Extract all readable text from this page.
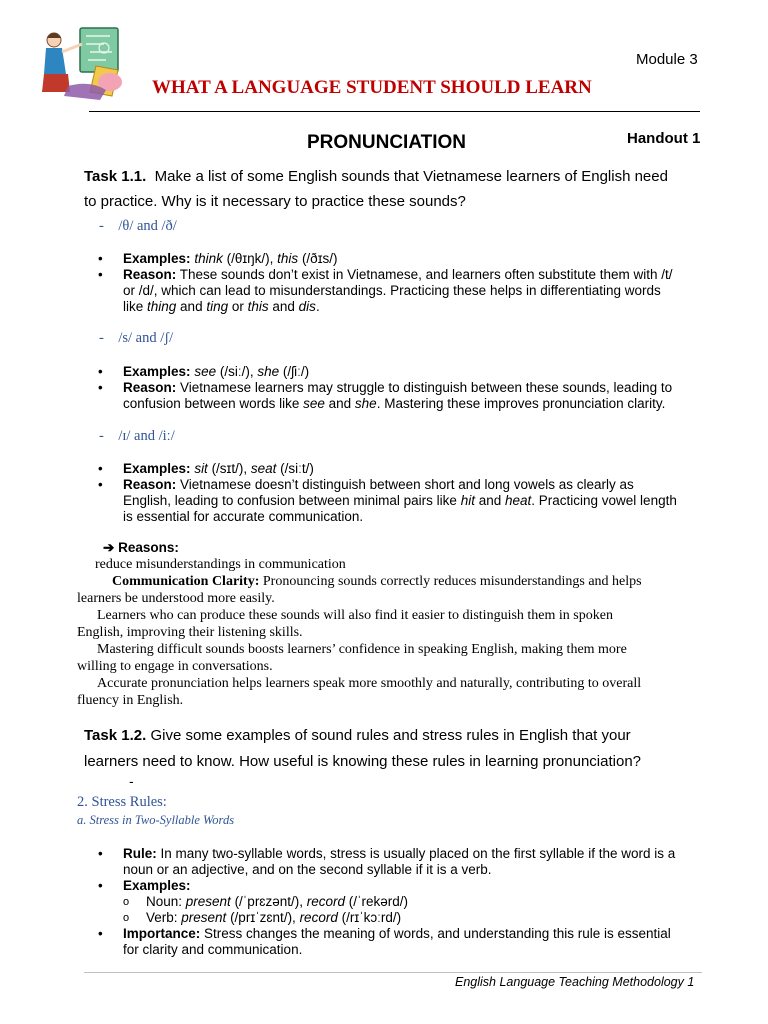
Module 3
WHAT A LANGUAGE STUDENT SHOULD LEARN
PRONUNCIATION	Handout 1

Task 1.1. Make a list of some English sounds that Vietnamese learners of English need

to practice. Why is it necessary to practice these sounds?

-    /θ/ and /ð/
• Examples: think (/θɪŋk/), this (/ðɪs/)
• Reason: These sounds don’t exist in Vietnamese, and learners often substitute them with /t/
or /d/, which can lead to misunderstandings. Practicing these helps in differentiating words
like thing and ting or this and dis.
-    /s/ and /ʃ/
• Examples: see (/siː/), she (/ʃiː/)
• Reason: Vietnamese learners may struggle to distinguish between these sounds, leading to
confusion between words like see and she. Mastering these improves pronunciation clarity.
-    /ɪ/ and /iː/
• Examples: sit (/sɪt/), seat (/siːt/)
• Reason: Vietnamese doesn’t distinguish between short and long vowels as clearly as
English, leading to confusion between minimal pairs like hit and heat. Practicing vowel length
is essential for accurate communication.
➔ Reasons:

reduce misunderstandings in communication

Communication Clarity: Pronouncing sounds correctly reduces misunderstandings and helps

learners be understood more easily.

Learners who can produce these sounds will also find it easier to distinguish them in spoken

English, improving their listening skills.

Mastering difficult sounds boosts learners’ confidence in speaking English, making them more

willing to engage in conversations.

Accurate pronunciation helps learners speak more smoothly and naturally, contributing to overall

fluency in English.

Task 1.2. Give some examples of sound rules and stress rules in English that your

learners need to know. How useful is knowing these rules in learning pronunciation?

-
2. Stress Rules:
a. Stress in Two-Syllable Words
• Rule: In many two-syllable words, stress is usually placed on the first syllable if the word is a
noun or an adjective, and on the second syllable if it is a verb.
• Examples:
o Noun: present (/ˈprɛzənt/), record (/ˈrekərd/)
o Verb: present (/prɪˈzɛnt/), record (/rɪˈkɔːrd/)
• Importance: Stress changes the meaning of words, and understanding this rule is essential
for clarity and communication.
English Language Teaching Methodology 1
